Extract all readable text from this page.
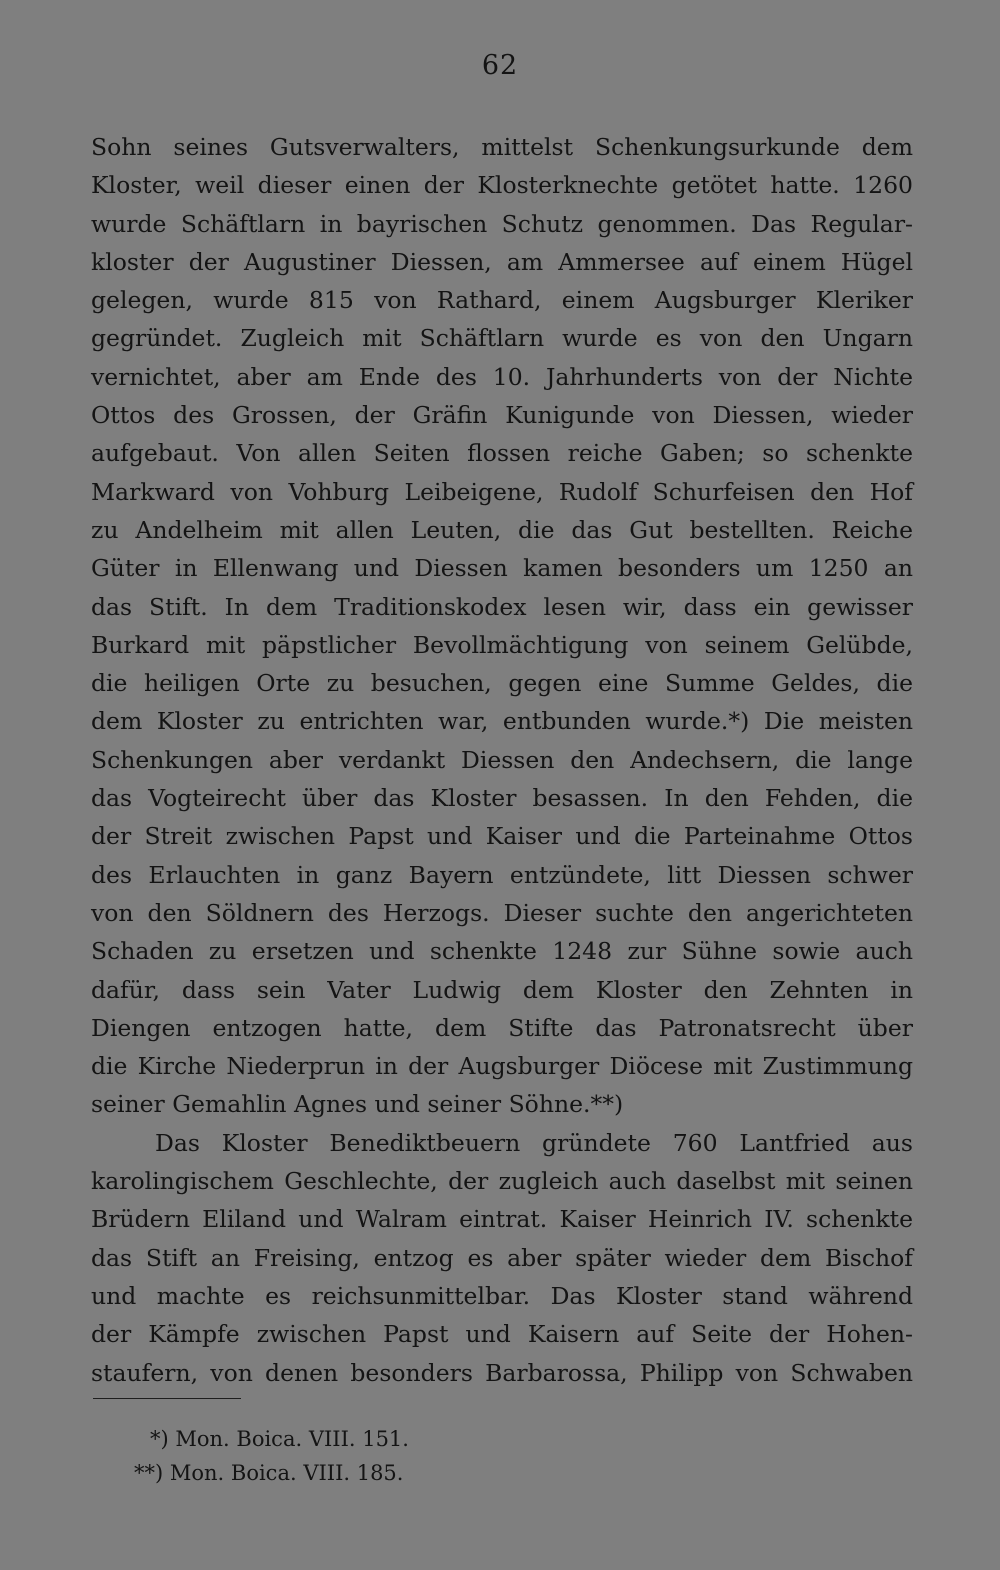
62
Sohn seines Gutsverwalters, mittelst Schenkungsurkunde dem
Kloster, weil dieser einen der Klosterknechte getötet hatte. 1260
wurde Schäftlarn in bayrischen Schutz genommen. Das Regular-
kloster der Augustiner Diessen, am Ammersee auf einem Hügel
gelegen, wurde 815 von Rathard, einem Augsburger Kleriker
gegründet. Zugleich mit Schäftlarn wurde es von den Ungarn
vernichtet, aber am Ende des 10. Jahrhunderts von der Nichte
Ottos des Grossen, der Gräfin Kunigunde von Diessen, wieder
aufgebaut. Von allen Seiten flossen reiche Gaben; so schenkte
Markward von Vohburg Leibeigene, Rudolf Schurfeisen den Hof
zu Andelheim mit allen Leuten, die das Gut bestellten. Reiche
Güter in Ellenwang und Diessen kamen besonders um 1250 an
das Stift. In dem Traditionskodex lesen wir, dass ein gewisser
Burkard mit päpstlicher Bevollmächtigung von seinem Gelübde,
die heiligen Orte zu besuchen, gegen eine Summe Geldes, die
dem Kloster zu entrichten war, entbunden wurde.*) Die meisten
Schenkungen aber verdankt Diessen den Andechsern, die lange
das Vogteirecht über das Kloster besassen. In den Fehden, die
der Streit zwischen Papst und Kaiser und die Parteinahme Ottos
des Erlauchten in ganz Bayern entzündete, litt Diessen schwer
von den Söldnern des Herzogs. Dieser suchte den angerichteten
Schaden zu ersetzen und schenkte 1248 zur Sühne sowie auch
dafür, dass sein Vater Ludwig dem Kloster den Zehnten in
Diengen entzogen hatte, dem Stifte das Patronatsrecht über
die Kirche Niederprun in der Augsburger Diöcese mit Zustimmung
seiner Gemahlin Agnes und seiner Söhne.**)
Das Kloster Benediktbeuern gründete 760 Lantfried aus
karolingischem Geschlechte, der zugleich auch daselbst mit seinen
Brüdern Eliland und Walram eintrat. Kaiser Heinrich IV. schenkte
das Stift an Freising, entzog es aber später wieder dem Bischof
und machte es reichsunmittelbar. Das Kloster stand während
der Kämpfe zwischen Papst und Kaisern auf Seite der Hohen-
staufern, von denen besonders Barbarossa, Philipp von Schwaben
*) Mon. Boica. VIII. 151.
**) Mon. Boica. VIII. 185.
